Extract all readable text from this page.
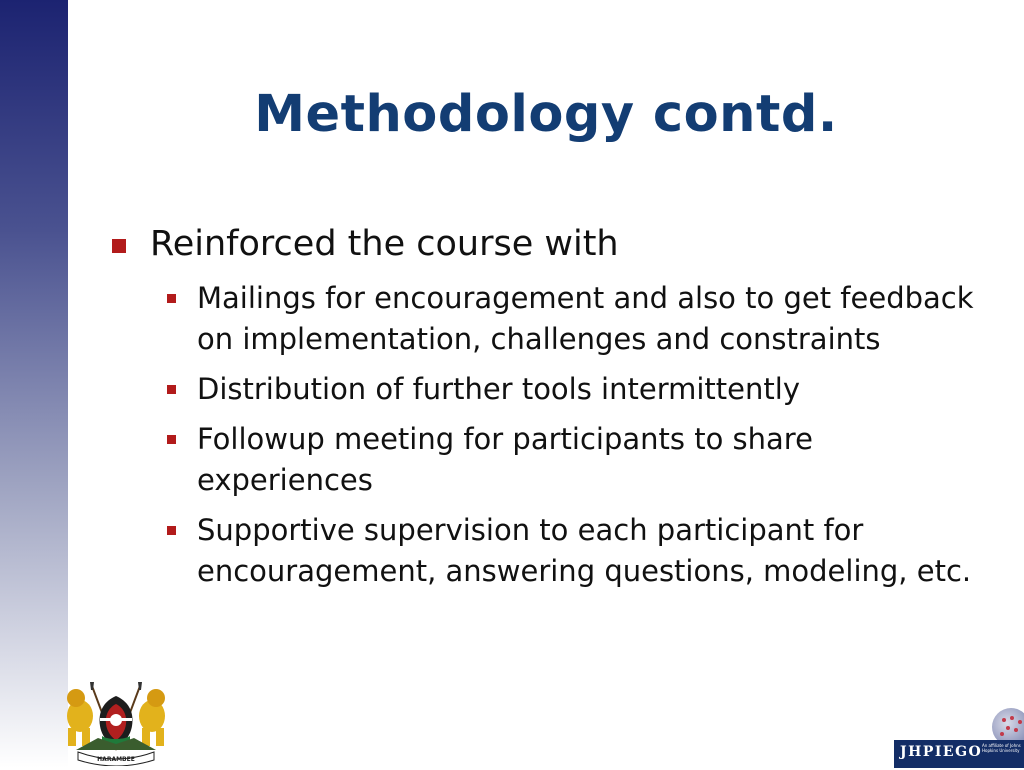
Methodology contd.
Reinforced the course with
Mailings for encouragement and also to get feedback on implementation, challenges and constraints
Distribution of further tools intermittently
Followup meeting for participants to share experiences
Supportive supervision to each participant for encouragement, answering questions, modeling, etc.
HARAMBEE	JHPIEGO An affiliate of Johns Hopkins University
